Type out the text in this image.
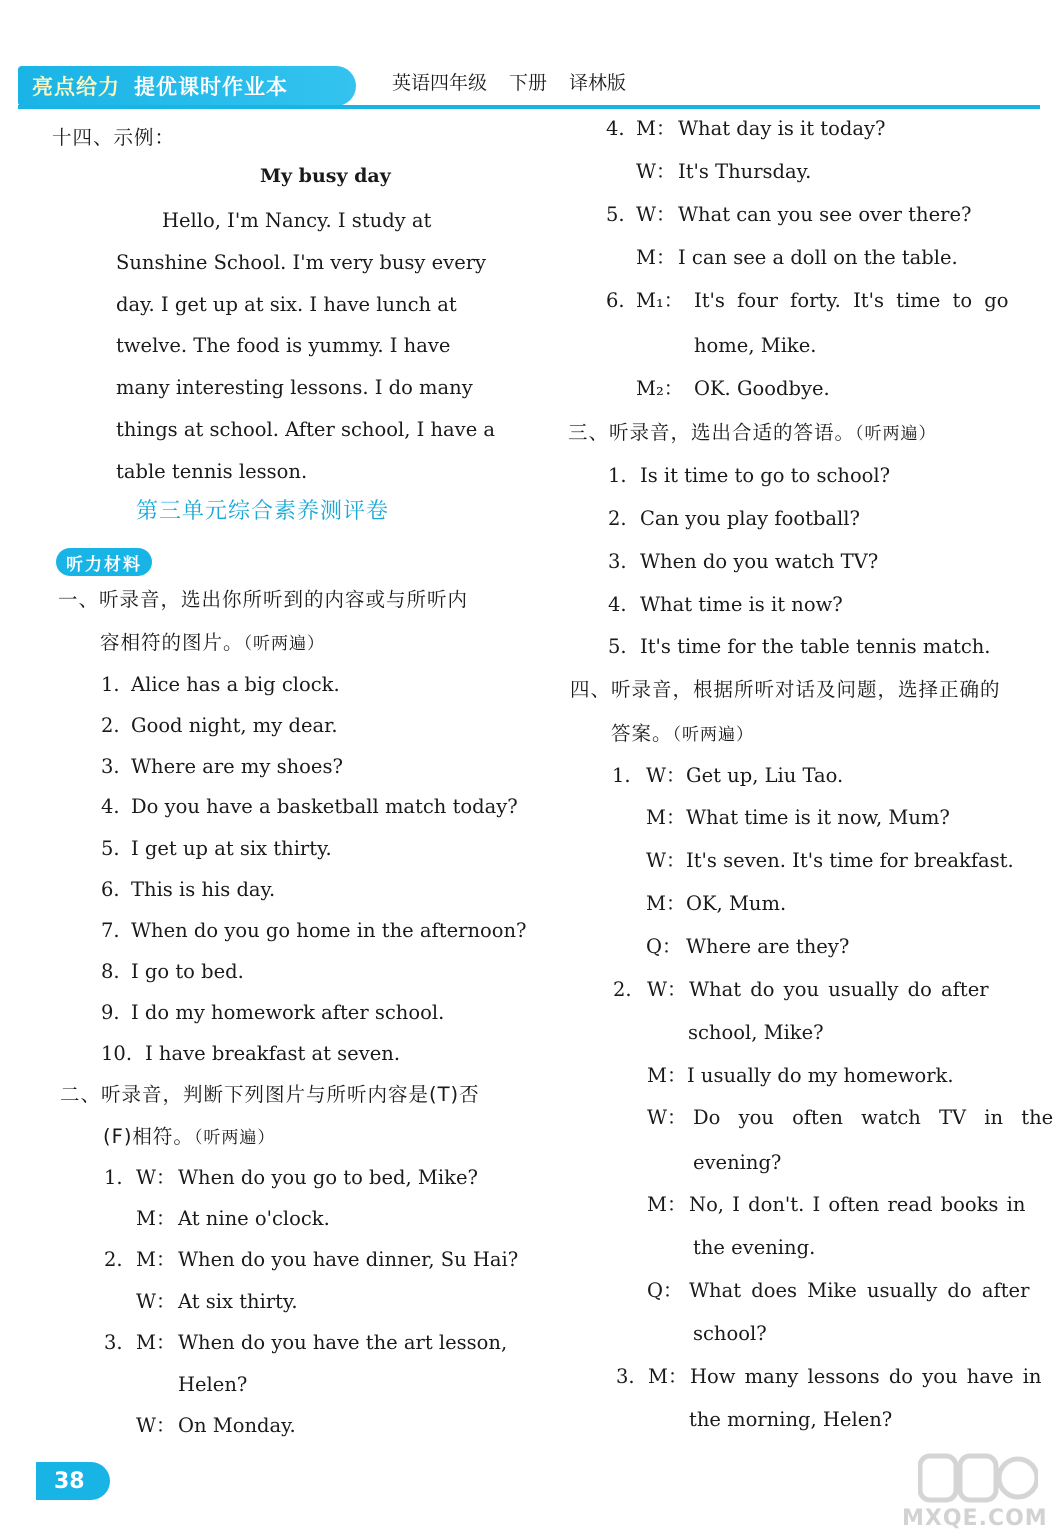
亮点给力 提优课时作业本	英语四年级 下册 译林版
十四、示例：
My busy day
Hello, I'm Nancy. I study at
Sunshine School. I'm very busy every
day. I get up at six. I have lunch at
twelve. The food is yummy. I have
many interesting lessons. I do many
things at school. After school, I have a
table tennis lesson.
第三单元综合素养测评卷
听力材料
一、听录音，选出你所听到的内容或与所听内
容相符的图片。（听两遍）
1. Alice has a big clock.
2. Good night, my dear.
3. Where are my shoes?
4. Do you have a basketball match today?
5. I get up at six thirty.
6. This is his day.
7. When do you go home in the afternoon?
8. I go to bed.
9. I do my homework after school.
10. I have breakfast at seven.
二、听录音，判断下列图片与所听内容是(T)否
(F)相符。（听两遍）
1. W： When do you go to bed, Mike?
M： At nine o'clock.
2. M： When do you have dinner, Su Hai?
W： At six thirty.
3. M： When do you have the art lesson,
Helen?
W： On Monday.
4. M： What day is it today?
W： It's Thursday.
5. W： What can you see over there?
M： I can see a doll on the table.
6. M₁： It's four forty. It's time to go
home, Mike.
M₂： OK. Goodbye.
三、听录音，选出合适的答语。（听两遍）
1. Is it time to go to school?
2. Can you play football?
3. When do you watch TV?
4. What time is it now?
5. It's time for the table tennis match.
四、听录音，根据所听对话及问题，选择正确的
答案。（听两遍）
1. W：Get up, Liu Tao.
M：What time is it now, Mum?
W：It's seven. It's time for breakfast.
M：OK, Mum.
Q： Where are they?
2. W： What do you usually do after
school, Mike?
M：I usually do my homework.
W： Do you often watch TV in the
evening?
M： No, I don't. I often read books in
the evening.
Q： What does Mike usually do after
school?
3. M： How many lessons do you have in
the morning, Helen?
38
MXQE.COM
